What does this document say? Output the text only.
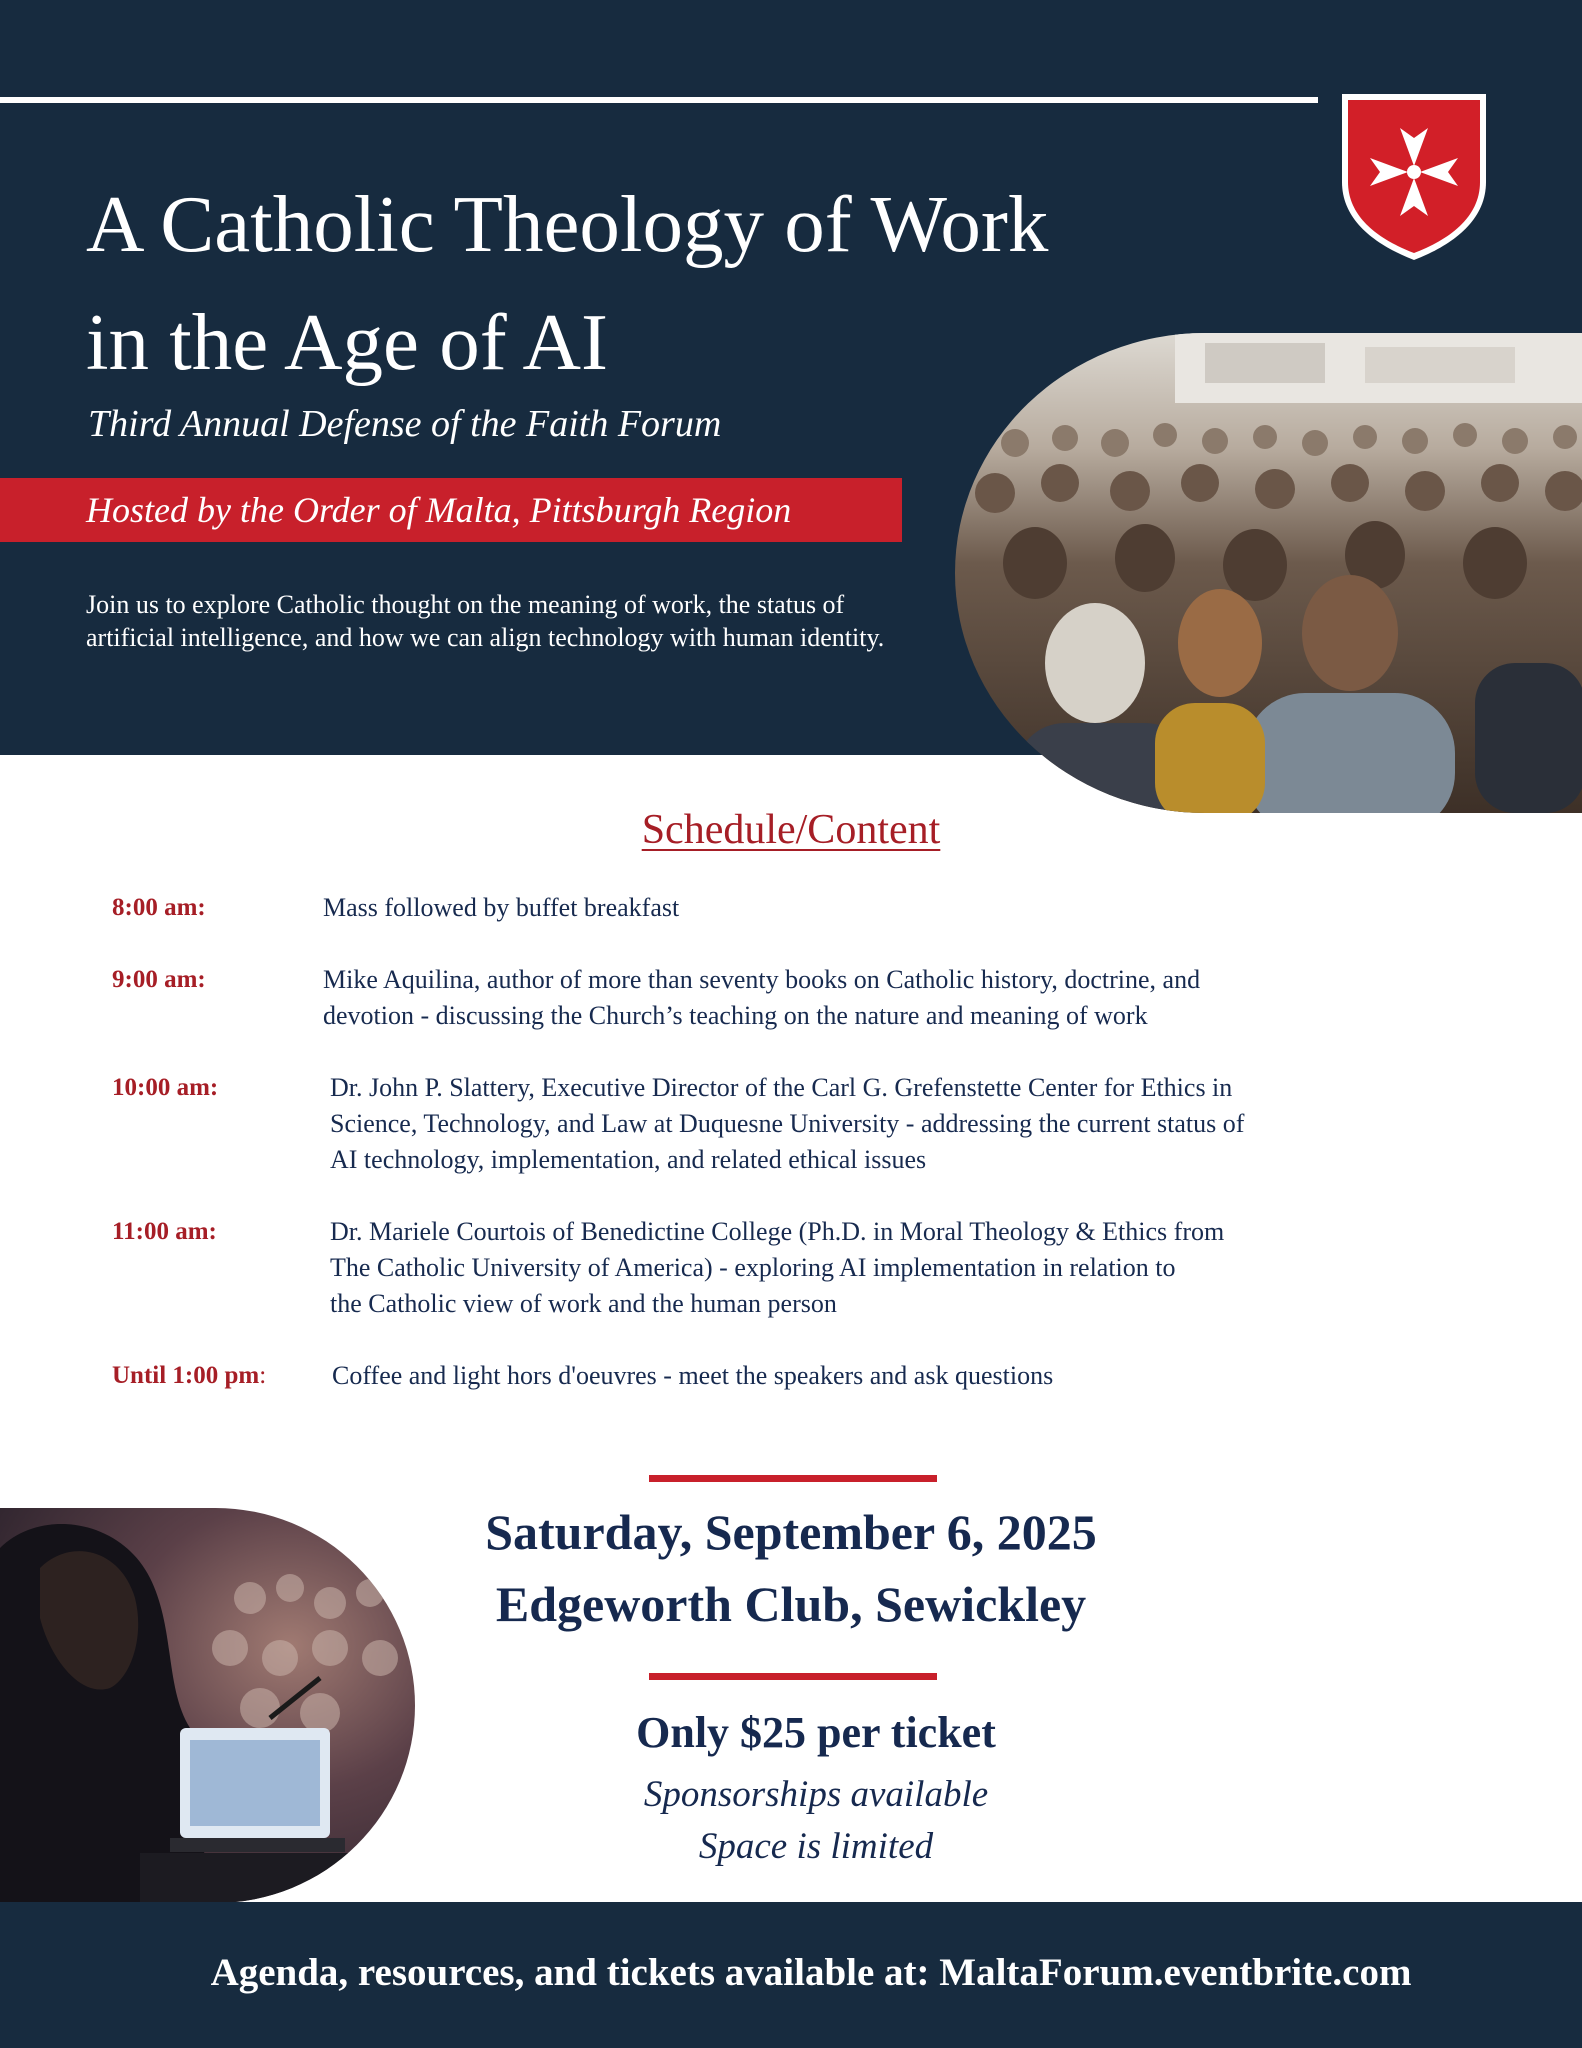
A Catholic Theology of Work
in the Age of AI
Third Annual Defense of the Faith Forum
Hosted by the Order of Malta, Pittsburgh Region
Join us to explore Catholic thought on the meaning of work, the status of artificial intelligence, and how we can align technology with human identity.
Schedule/Content
8:00 am:	Mass followed by buffet breakfast
9:00 am:	Mike Aquilina, author of more than seventy books on Catholic history, doctrine, and
devotion - discussing the Church’s teaching on the nature and meaning of work
10:00 am:	Dr. John P. Slattery, Executive Director of the Carl G. Grefenstette Center for Ethics in
Science, Technology, and Law at Duquesne University - addressing the current status of
AI technology, implementation, and related ethical issues
11:00 am:	Dr. Mariele Courtois of Benedictine College (Ph.D. in Moral Theology & Ethics from
The Catholic University of America) - exploring AI implementation in relation to
the Catholic view of work and the human person
Until 1:00 pm:	Coffee and light hors d'oeuvres - meet the speakers and ask questions
Saturday, September 6, 2025
Edgeworth Club, Sewickley
Only $25 per ticket
Sponsorships available
Space is limited
Agenda, resources, and tickets available at: MaltaForum.eventbrite.com
